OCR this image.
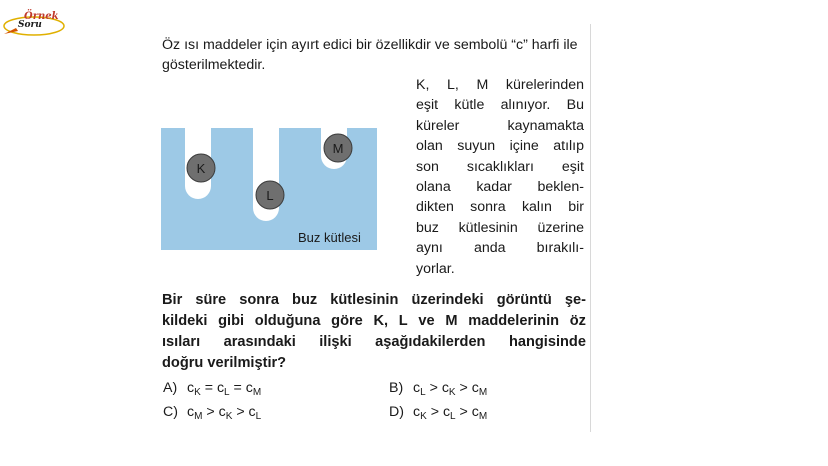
Örnek
Soru
Öz ısı maddeler için ayırt edici bir özellikdir ve sembolü “c” harfi ile gösterilmektedir.
K
L
M
Buz kütlesi
K, L, M kürelerinden
eşit kütle alınıyor. Bu
küreler	kaynamakta
olan suyun içine atılıp
son sıcaklıkları eşit
olana kadar beklen-
dikten sonra kalın bir
buz kütlesinin üzerine
aynı anda bırakılı-
yorlar.
Bir süre sonra buz kütlesinin üzerindeki görüntü şe-
kildeki gibi olduğuna göre K, L ve M maddelerinin öz
ısıları arasındaki ilişki aşağıdakilerden hangisinde
doğru verilmiştir?
A) $c_K = c_L = c_M$	B) $c_L > c_K > c_M$
C) $c_M > c_K > c_L$	D) $c_K > c_L > c_M$
